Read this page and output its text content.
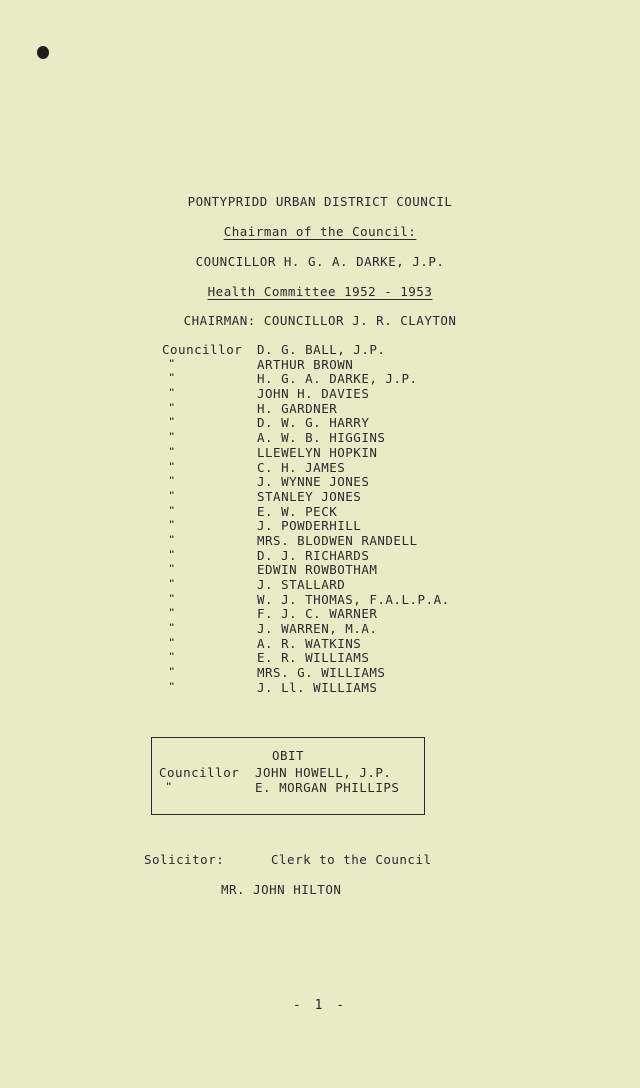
PONTYPRIDD URBAN DISTRICT COUNCIL
Chairman of the Council:
COUNCILLOR H. G. A. DARKE, J.P.
Health Committee 1952 - 1953
CHAIRMAN: COUNCILLOR J. R. CLAYTON
Councillor	D. G. BALL, J.P.
"	ARTHUR BROWN
"	H. G. A. DARKE, J.P.
"	JOHN H. DAVIES
"	H. GARDNER
"	D. W. G. HARRY
"	A. W. B. HIGGINS
"	LLEWELYN HOPKIN
"	C. H. JAMES
"	J. WYNNE JONES
"	STANLEY JONES
"	E. W. PECK
"	J. POWDERHILL
"	MRS. BLODWEN RANDELL
"	D. J. RICHARDS
"	EDWIN ROWBOTHAM
"	J. STALLARD
"	W. J. THOMAS, F.A.L.P.A.
"	F. J. C. WARNER
"	J. WARREN, M.A.
"	A. R. WATKINS
"	E. R. WILLIAMS
"	MRS. G. WILLIAMS
"	J. Ll. WILLIAMS
OBIT
Councillor	JOHN HOWELL, J.P.
"	E. MORGAN PHILLIPS
Solicitor:	Clerk to the Council
MR. JOHN HILTON
- 1 -
